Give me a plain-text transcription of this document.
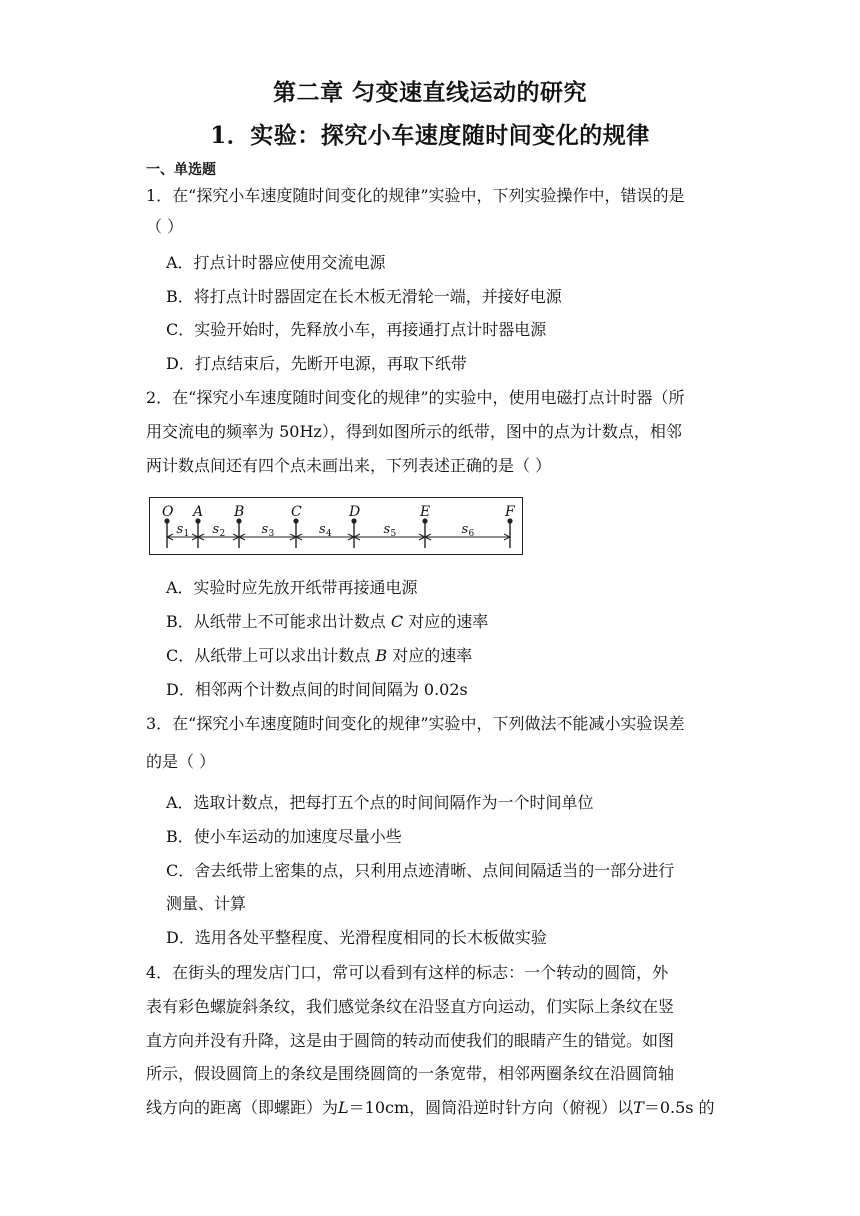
第二章 匀变速直线运动的研究
1．实验：探究小车速度随时间变化的规律
一、单选题
1．在“探究小车速度随时间变化的规律”实验中，下列实验操作中，错误的是
（ ）
A．打点计时器应使用交流电源
B．将打点计时器固定在长木板无滑轮一端，并接好电源
C．实验开始时，先释放小车，再接通打点计时器电源
D．打点结束后，先断开电源，再取下纸带
2．在“探究小车速度随时间变化的规律”的实验中，使用电磁打点计时器（所
用交流电的频率为 50Hz），得到如图所示的纸带，图中的点为计数点，相邻
两计数点间还有四个点未画出来，下列表述正确的是（ ）
O A B	C	D	E	F
s 1 s 2	s 3	s 4	s 5	s 6
A．实验时应先放开纸带再接通电源
B．从纸带上不可能求出计数点 C 对应的速率
C．从纸带上可以求出计数点 B 对应的速率
D．相邻两个计数点间的时间间隔为 0.02s
3．在“探究小车速度随时间变化的规律”实验中，下列做法不能减小实验误差
的是（ ）
A．选取计数点，把每打五个点的时间间隔作为一个时间单位
B．使小车运动的加速度尽量小些
C．舍去纸带上密集的点，只利用点迹清晰、点间间隔适当的一部分进行
测量、计算
D．选用各处平整程度、光滑程度相同的长木板做实验
4．在街头的理发店门口，常可以看到有这样的标志：一个转动的圆筒，外
表有彩色螺旋斜条纹，我们感觉条纹在沿竖直方向运动，们实际上条纹在竖
直方向并没有升降，这是由于圆筒的转动而使我们的眼睛产生的错觉。如图
所示，假设圆筒上的条纹是围绕圆筒的一条宽带，相邻两圈条纹在沿圆筒轴
线方向的距离（即螺距）为L＝10cm，圆筒沿逆时针方向（俯视）以T＝0.5s 的
